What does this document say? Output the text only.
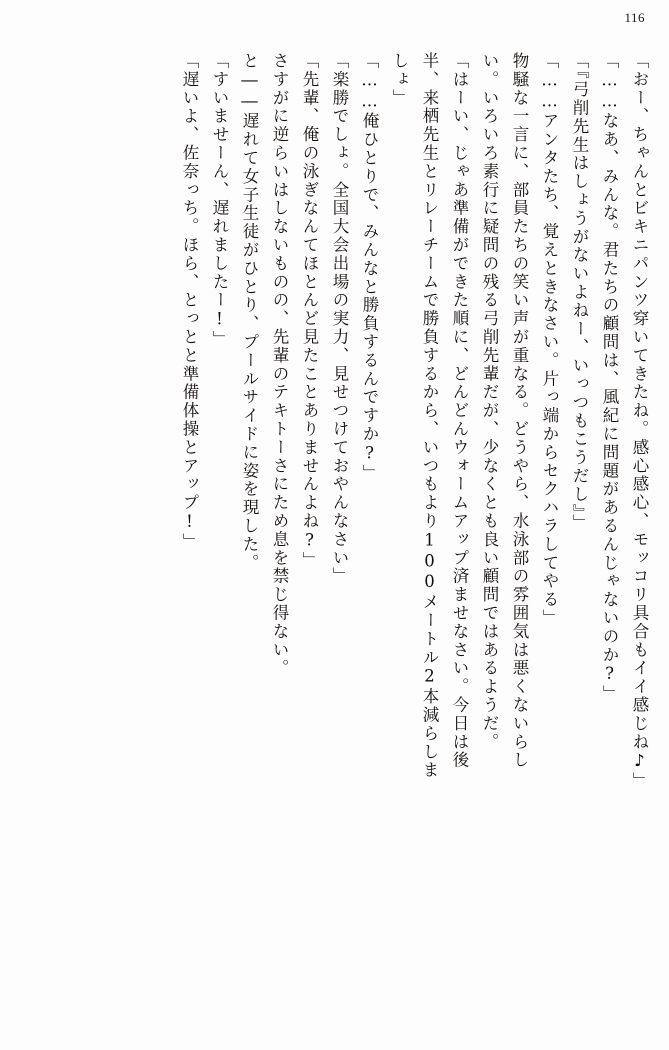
116
「おー、ちゃんとビキニパンツ穿いてきたね。感心感心、モッコリ具合もイイ感じね♪」
「……なあ、みんな。君たちの顧問は、風紀に問題があるんじゃないのか?」
「『弓削先生はしょうがないよねー、いっつもこうだし』」
「……アンタたち、覚えときなさい。片っ端からセクハラしてやる」
物騒な一言に、部員たちの笑い声が重なる。どうやら、水泳部の雰囲気は悪くないらし
い。いろいろ素行に疑問の残る弓削先輩だが、少なくとも良い顧問ではあるようだ。
「はーい、じゃあ準備ができた順に、どんどんウォームアップ済ませなさい。今日は後
半、来栖先生とリレーチームで勝負するから、いつもより100メートル2本減らしま
しょ」
「……俺ひとりで、みんなと勝負するんですか?」
「楽勝でしょ。全国大会出場の実力、見せつけておやんなさい」
「先輩、俺の泳ぎなんてほとんど見たことありませんよね?」
さすがに逆らいはしないものの、先輩のテキトーさにため息を禁じ得ない。
と――遅れて女子生徒がひとり、プールサイドに姿を現した。
「すいませーん、遅れましたー!」
「遅いよ、佐奈っち。ほら、とっとと準備体操とアップ!」
